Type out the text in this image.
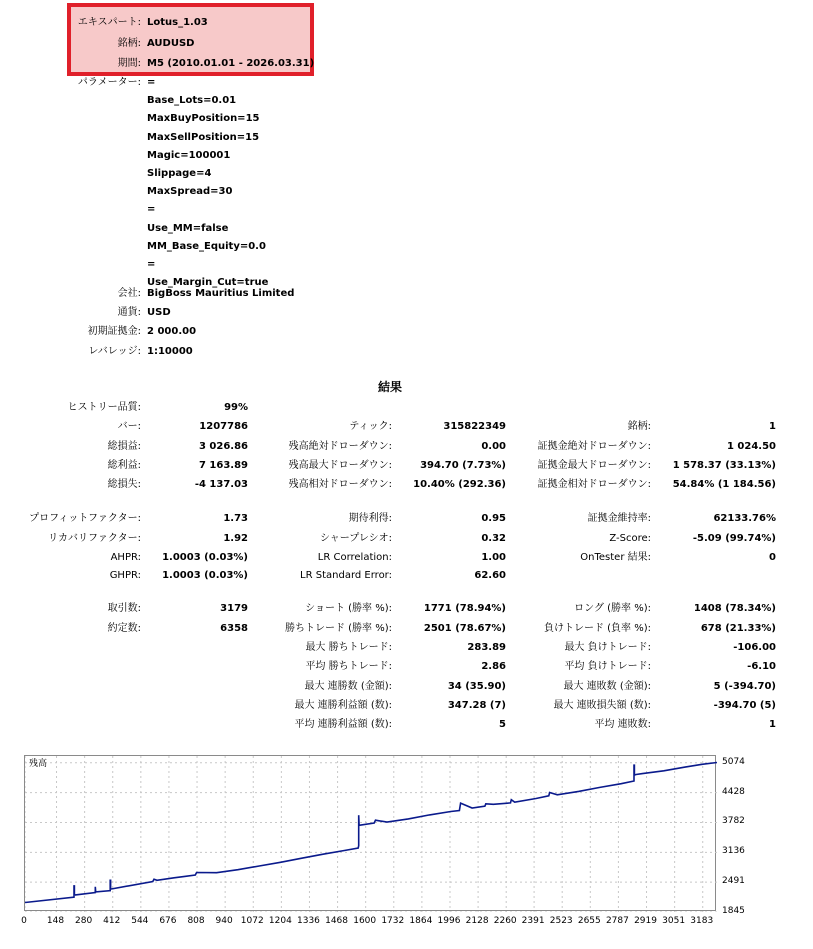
エキスパート: Lotus_1.03
銘柄: AUDUSD
期間: M5 (2010.01.01 - 2026.03.31)
パラメーター: =
Base_Lots=0.01
MaxBuyPosition=15
MaxSellPosition=15
Magic=100001
Slippage=4
MaxSpread=30
=
Use_MM=false
MM_Base_Equity=0.0
=
Use_Margin_Cut=true
会社: BigBoss Mauritius Limited
通貨: USD
初期証拠金: 2 000.00
レバレッジ: 1:10000
結果
ヒストリー品質:	99%
バー:	1207786	ティック:	315822349	銘柄:	1
総損益:	3 026.86	残高絶対ドローダウン:	0.00	証拠金絶対ドローダウン:	1 024.50
総利益:	7 163.89	残高最大ドローダウン:	394.70 (7.73%)	証拠金最大ドローダウン: 1 578.37 (33.13%)
総損失:	-4 137.03	残高相対ドローダウン: 10.40% (292.36)	証拠金相対ドローダウン: 54.84% (1 184.56)
プロフィットファクター:	1.73	期待利得:	0.95	証拠金維持率:	62133.76%
リカバリファクター:	1.92	シャープレシオ:	0.32	Z-Score:	-5.09 (99.74%)
AHPR: 1.0003 (0.03%)	LR Correlation:	1.00	OnTester 結果:	0
GHPR: 1.0003 (0.03%)	LR Standard Error:	62.60
取引数:	3179	ショート (勝率 %):	1771 (78.94%)	ロング (勝率 %):	1408 (78.34%)
約定数:	6358	勝ちトレード (勝率 %):	2501 (78.67%)	負けトレード (負率 %):	678 (21.33%)
最大 勝ちトレード:	283.89	最大 負けトレード:	-106.00
平均 勝ちトレード:	2.86	平均 負けトレード:	-6.10
最大 連勝数 (金額):	34 (35.90)	最大 連敗数 (金額):	5 (-394.70)
最大 連勝利益額 (数):	347.28 (7)	最大 連敗損失額 (数):	-394.70 (5)
平均 連勝利益額 (数):	5	平均 連敗数:	1
残高
0	148	280	412	544	676	808	940 1072 1204 1336 1468 1600 1732 1864 1996 2128 2260 2391 2523 2655 2787 2919 3051 3183
1845
2491
3136
3782
4428
5074
